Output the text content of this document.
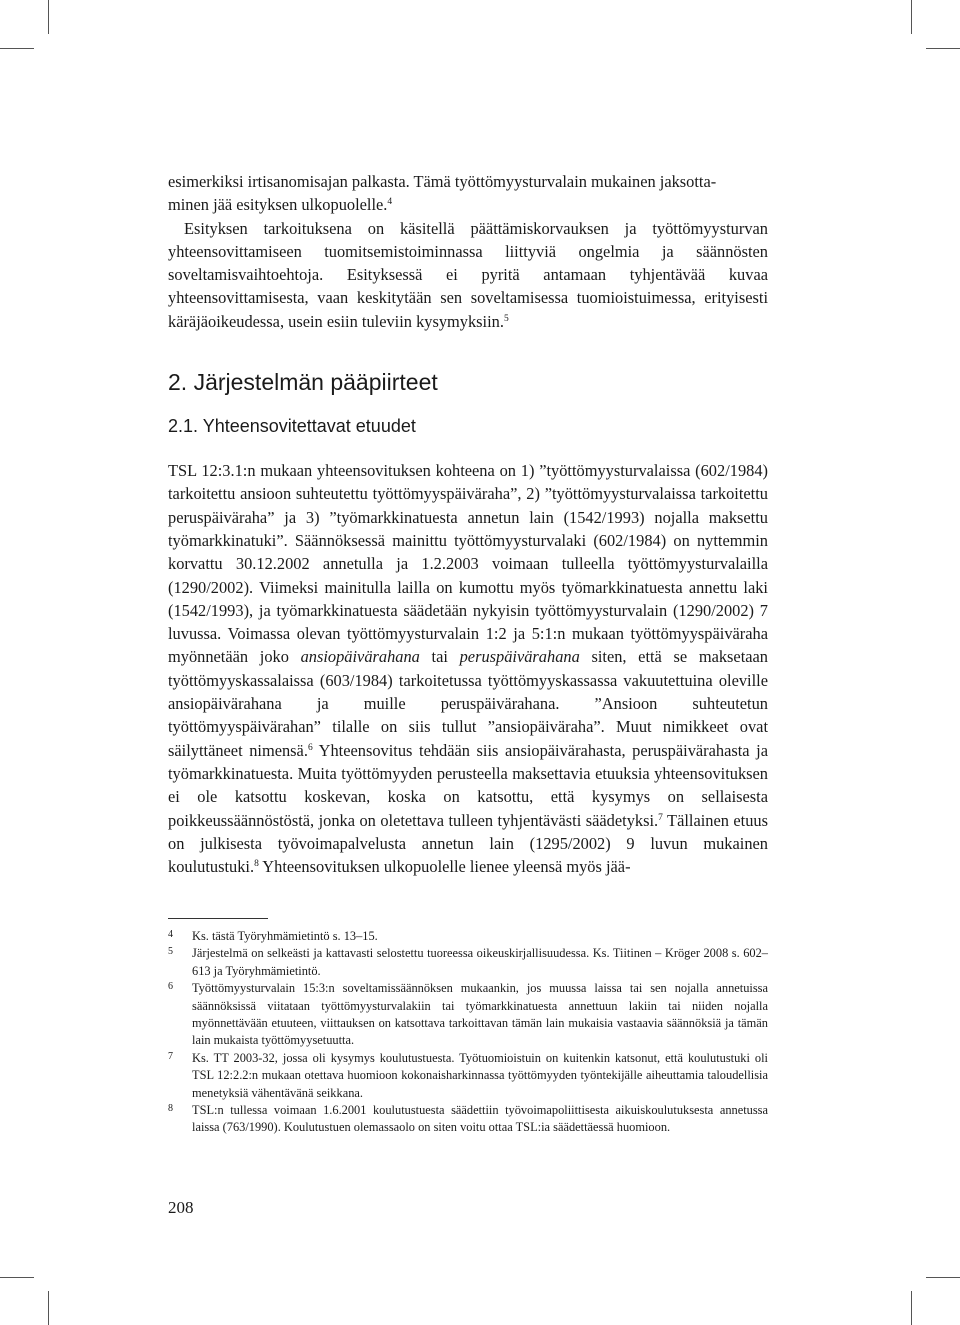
esimerkiksi irtisanomisajan palkasta. Tämä työttömyysturvalain mukainen jaksotta-
minen jää esityksen ulkopuolelle.$^4$

Esityksen tarkoituksena on käsitellä päättämiskorvauksen ja työttömyysturvan yhteensovittamiseen tuomitsemistoiminnassa liittyviä ongelmia ja säännösten soveltamisvaihtoehtoja. Esityksessä ei pyritä antamaan tyhjentävää kuvaa yhteensovittamisesta, vaan keskitytään sen soveltamisessa tuomioistuimessa, erityisesti käräjäoikeudessa, usein esiin tuleviin kysymyksiin.$^5$

2. Järjestelmän pääpiirteet
2.1. Yhteensovitettavat etuudet

TSL 12:3.1:n mukaan yhteensovituksen kohteena on 1) ”työttömyysturvalaissa (602/1984) tarkoitettu ansioon suhteutettu työttömyyspäiväraha”, 2) ”työttömyysturvalaissa tarkoitettu peruspäiväraha” ja 3) ”työmarkkinatuesta annetun lain (1542/1993) nojalla maksettu työmarkkinatuki”. Säännöksessä mainittu työttömyysturvalaki (602/1984) on nyttemmin korvattu 30.12.2002 annetulla ja 1.2.2003 voimaan tulleella työttömyysturvalailla (1290/2002). Viimeksi mainitulla lailla on kumottu myös työmarkkinatuesta annettu laki (1542/1993), ja työmarkkinatuesta säädetään nykyisin työttömyysturvalain (1290/2002) 7 luvussa. Voimassa olevan työttömyysturvalain 1:2 ja 5:1:n mukaan työttömyyspäiväraha myönnetään joko ansiopäivärahana tai peruspäivärahana siten, että se maksetaan työttömyyskassalaissa (603/1984) tarkoitetussa työttömyyskassassa vakuutettuina oleville ansiopäivärahana ja muille peruspäivärahana. ”Ansioon suhteutetun työttömyyspäivärahan” tilalle on siis tullut ”ansiopäiväraha”. Muut nimikkeet ovat säilyttäneet nimensä.$^6$ Yhteensovitus tehdään siis ansiopäivärahasta, peruspäivärahasta ja työmarkkinatuesta. Muita työttömyyden perusteella maksettavia etuuksia yhteensovituksen ei ole katsottu koskevan, koska on katsottu, että kysymys on sellaisesta poikkeussäännöstöstä, jonka on oletettava tulleen tyhjentävästi säädetyksi.$^7$ Tällainen etuus on julkisesta työvoimapalvelusta annetun lain (1295/2002) 9 luvun mukainen koulutustuki.$^8$ Yhteensovituksen ulkopuolelle lienee yleensä myös jää-

4	Ks. tästä Työryhmämietintö s. 13–15.
5	Järjestelmä on selkeästi ja kattavasti selostettu tuoreessa oikeuskirjallisuudessa. Ks. Tiitinen – Kröger 2008 s. 602–613 ja Työryhmämietintö.
6	Työttömyysturvalain 15:3:n soveltamissäännöksen mukaankin, jos muussa laissa tai sen nojalla annetuissa säännöksissä viitataan työttömyysturvalakiin tai työmarkkinatuesta annettuun lakiin tai niiden nojalla myönnettävään etuuteen, viittauksen on katsottava tarkoittavan tämän lain mukaisia vastaavia säännöksiä ja tämän lain mukaista työttömyysetuutta.
7	Ks. TT 2003-32, jossa oli kysymys koulutustuesta. Työtuomioistuin on kuitenkin katsonut, että koulutustuki oli TSL 12:2.2:n mukaan otettava huomioon kokonaisharkinnassa työttömyyden työntekijälle aiheuttamia taloudellisia menetyksiä vähentävänä seikkana.
8	TSL:n tullessa voimaan 1.6.2001 koulutustuesta säädettiin työvoimapoliittisesta aikuiskoulutuksesta annetussa laissa (763/1990). Koulutustuen olemassaolo on siten voitu ottaa TSL:ia säädettäessä huomioon.
208
